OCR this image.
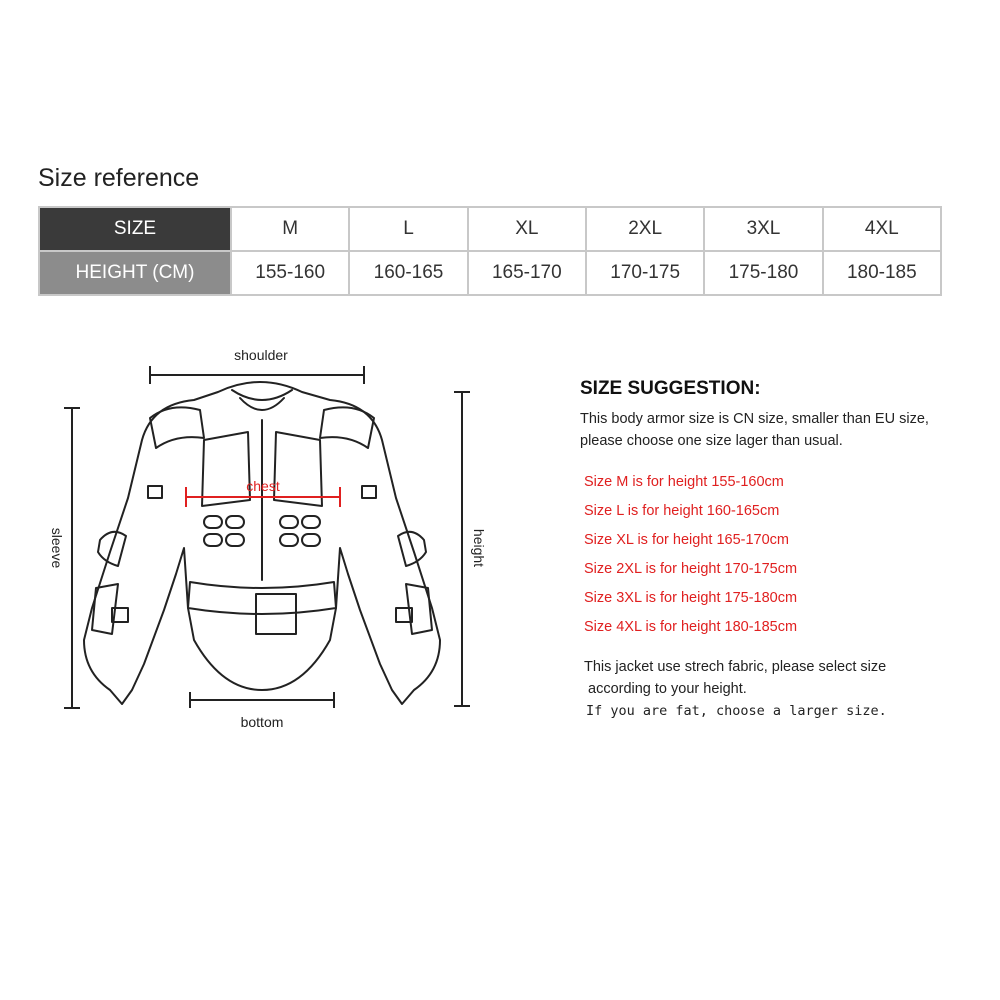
Size reference
SIZE	M	L	XL	2XL	3XL	4XL
HEIGHT (CM)	155-160	160-165	165-170	170-175	175-180	180-185
shoulder
chest
bottom
sleeve	height
SIZE SUGGESTION:
This body armor size is CN size, smaller than EU size,
please choose one size lager than usual.
Size M is for height 155-160cm
Size L is for height 160-165cm
Size XL is for height 165-170cm
Size 2XL is for height 170-175cm
Size 3XL is for height 175-180cm
Size 4XL is for height 180-185cm
This jacket use strech fabric, please select size
according to your height.
If you are fat, choose a larger size.
